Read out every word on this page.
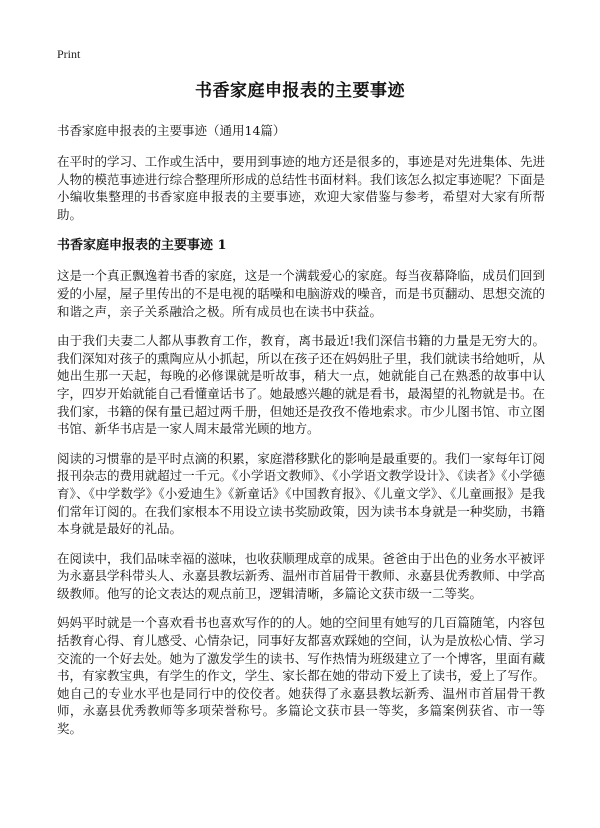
Print
书香家庭申报表的主要事迹
书香家庭申报表的主要事迹（通用14篇）

在平时的学习、工作或生活中，要用到事迹的地方还是很多的，事迹是对先进集体、先进人物的模范事迹进行综合整理所形成的总结性书面材料。我们该怎么拟定事迹呢？下面是小编收集整理的书香家庭申报表的主要事迹，欢迎大家借鉴与参考，希望对大家有所帮助。

书香家庭申报表的主要事迹 1

这是一个真正飘逸着书香的家庭，这是一个满载爱心的家庭。每当夜幕降临，成员们回到爱的小屋，屋子里传出的不是电视的聒噪和电脑游戏的噪音，而是书页翻动、思想交流的和谐之声，亲子关系融洽之极。所有成员也在读书中获益。

由于我们夫妻二人都从事教育工作，教育，离书最近!我们深信书籍的力量是无穷大的。我们深知对孩子的熏陶应从小抓起，所以在孩子还在妈妈肚子里，我们就读书给她听，从她出生那一天起，每晚的必修课就是听故事，稍大一点，她就能自己在熟悉的故事中认字，四岁开始就能自己看懂童话书了。她最感兴趣的就是看书，最渴望的礼物就是书。在我们家，书籍的保有量已超过两千册，但她还是孜孜不倦地索求。市少儿图书馆、市立图书馆、新华书店是一家人周末最常光顾的地方。

阅读的习惯靠的是平时点滴的积累，家庭潜移默化的影响是最重要的。我们一家每年订阅报刊杂志的费用就超过一千元。《小学语文教师》、《小学语文教学设计》、《读者》《小学德育》、《中学数学》《小爱迪生》《新童话》《中国教育报》、《儿童文学》、《儿童画报》是我们常年订阅的。在我们家根本不用设立读书奖励政策，因为读书本身就是一种奖励，书籍本身就是最好的礼品。

在阅读中，我们品味幸福的滋味，也收获顺理成章的成果。爸爸由于出色的业务水平被评为永嘉县学科带头人、永嘉县教坛新秀、温州市首届骨干教师、永嘉县优秀教师、中学高级教师。他写的论文表达的观点前卫，逻辑清晰，多篇论文获市级一二等奖。

妈妈平时就是一个喜欢看书也喜欢写作的的人。她的空间里有她写的几百篇随笔，内容包括教育心得、育儿感受、心情杂记，同事好友都喜欢踩她的空间，认为是放松心情、学习交流的一个好去处。她为了激发学生的读书、写作热情为班级建立了一个博客，里面有藏书，有家教宝典，有学生的作文，学生、家长都在她的带动下爱上了读书，爱上了写作。她自己的专业水平也是同行中的佼佼者。她获得了永嘉县教坛新秀、温州市首届骨干教师，永嘉县优秀教师等多项荣誉称号。多篇论文获市县一等奖，多篇案例获省、市一等奖。
